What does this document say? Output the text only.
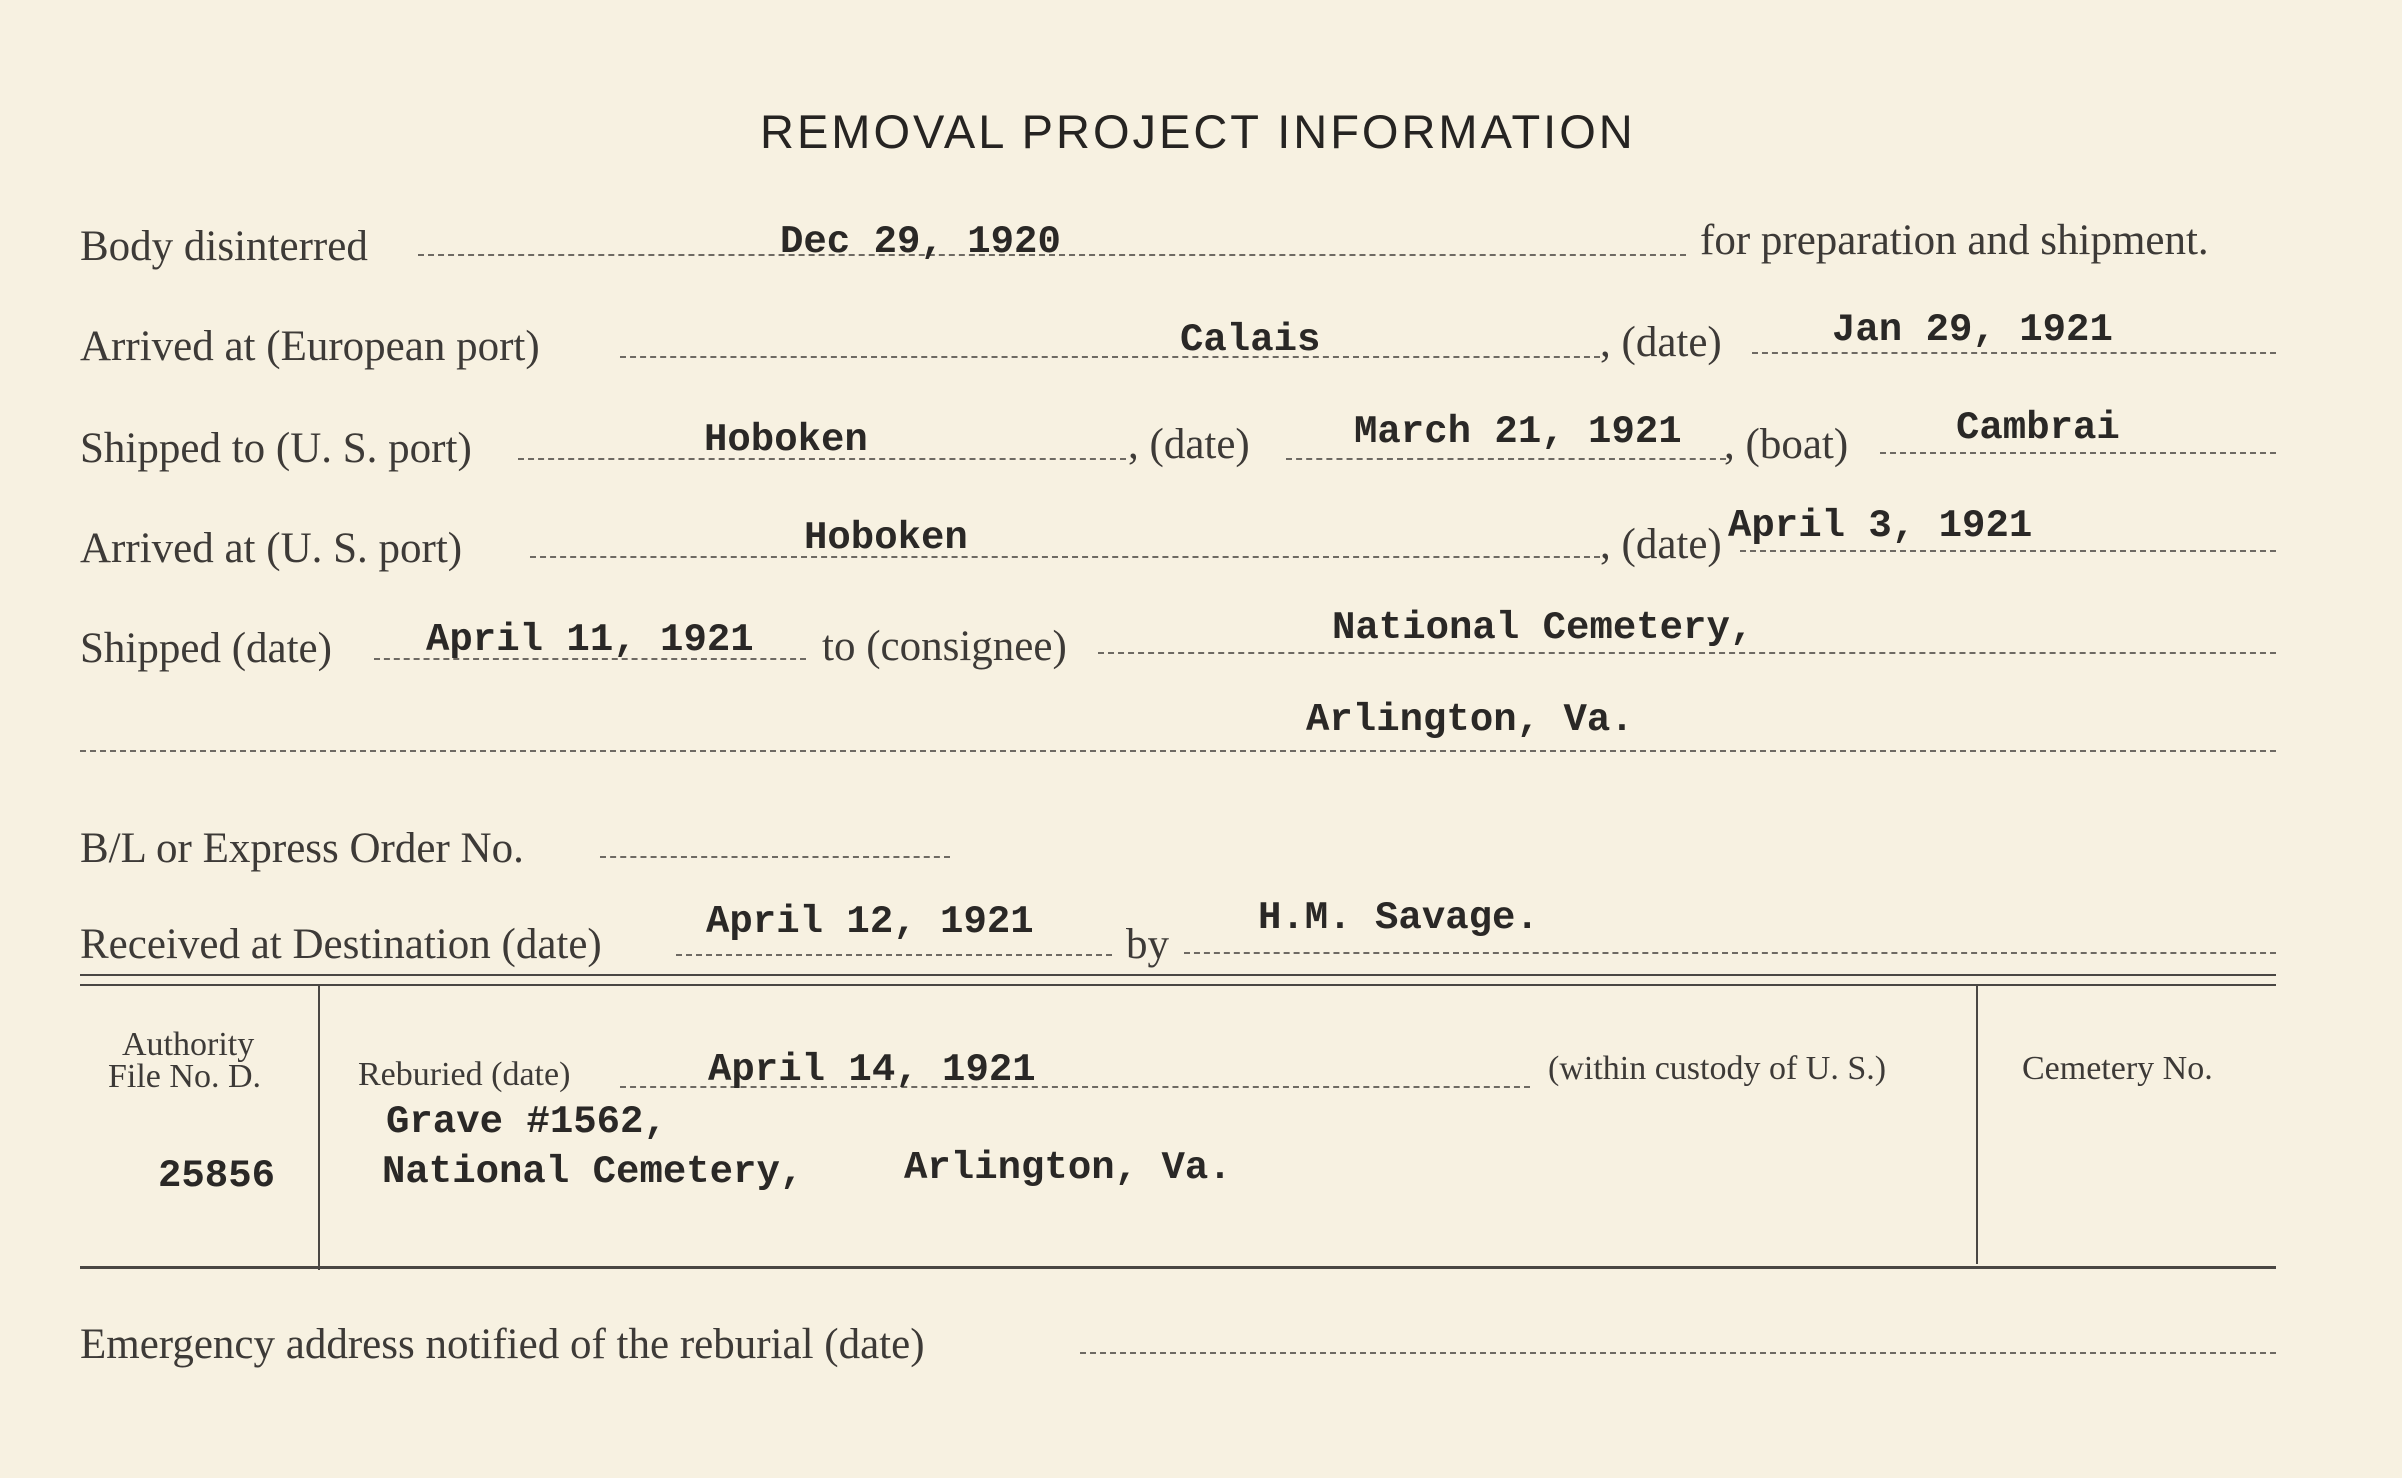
REMOVAL PROJECT INFORMATION
Body disinterred	Dec 29, 1920	for preparation and shipment.
Arrived at (European port)	Calais	, (date)	Jan 29, 1921
Shipped to (U. S. port)	Hoboken	, (date)	March 21, 1921 , (boat)	Cambrai
Arrived at (U. S. port)	Hoboken	, (date) April 3, 1921
Shipped (date) April 11, 1921 to (consignee)	National Cemetery,
Arlington, Va.
B/L or Express Order No.
Received at Destination (date)	April 12, 1921 by
H.M. Savage.
Authority
File No. D.
25856
Reburied (date)	April 14, 1921	(within custody of U. S.)	Cemetery No.
Grave #1562,
National Cemetery,	Arlington, Va.
Emergency address notified of the reburial (date)
